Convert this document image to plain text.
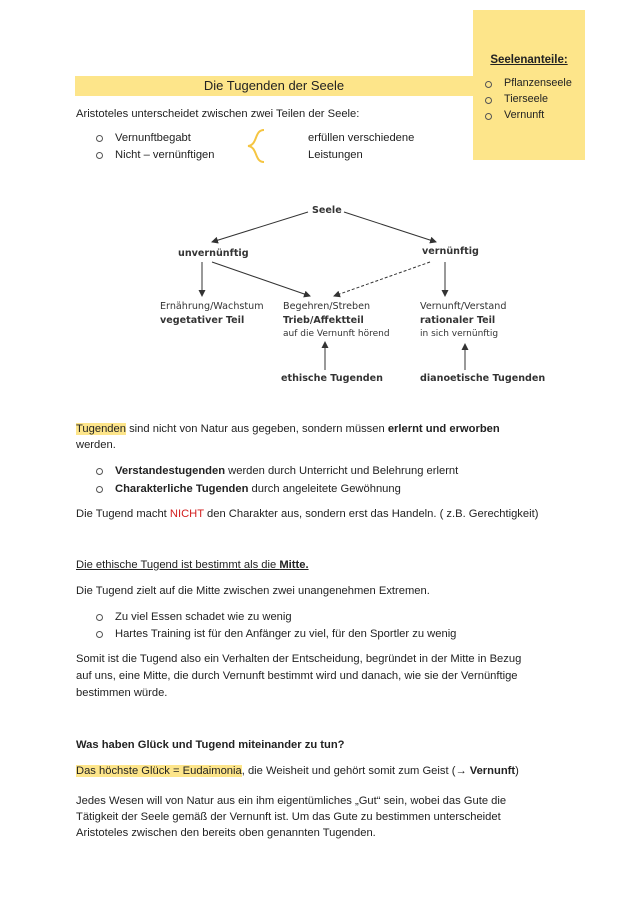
Seelenanteile:
Pflanzenseele
Tierseele
Vernunft
Die Tugenden der Seele
Aristoteles unterscheidet zwischen zwei Teilen der Seele:
Vernunftbegabt
Nicht – vernünftigen
erfüllen verschiedene
Leistungen
Seele
unvernünftig	vernünftig
Ernährung/Wachstum
vegetativer Teil
Begehren/Streben
Trieb/Affektteil
auf die Vernunft hörend
Vernunft/Verstand
rationaler Teil
in sich vernünftig
ethische Tugenden	dianoetische Tugenden
Tugenden sind nicht von Natur aus gegeben, sondern müssen erlernt und erworben
werden.
Verstandestugenden werden durch Unterricht und Belehrung erlernt
Charakterliche Tugenden durch angeleitete Gewöhnung
Die Tugend macht NICHT den Charakter aus, sondern erst das Handeln. ( z.B. Gerechtigkeit)
Die ethische Tugend ist bestimmt als die Mitte.
Die Tugend zielt auf die Mitte zwischen zwei unangenehmen Extremen.
Zu viel Essen schadet wie zu wenig
Hartes Training ist für den Anfänger zu viel, für den Sportler zu wenig
Somit ist die Tugend also ein Verhalten der Entscheidung, begründet in der Mitte in Bezug
auf uns, eine Mitte, die durch Vernunft bestimmt wird und danach, wie sie der Vernünftige
bestimmen würde.
Was haben Glück und Tugend miteinander zu tun?
Das höchste Glück = Eudaimonia, die Weisheit und gehört somit zum Geist (→ Vernunft)
Jedes Wesen will von Natur aus ein ihm eigentümliches „Gut“ sein, wobei das Gute die
Tätigkeit der Seele gemäß der Vernunft ist. Um das Gute zu bestimmen unterscheidet
Aristoteles zwischen den bereits oben genannten Tugenden.
